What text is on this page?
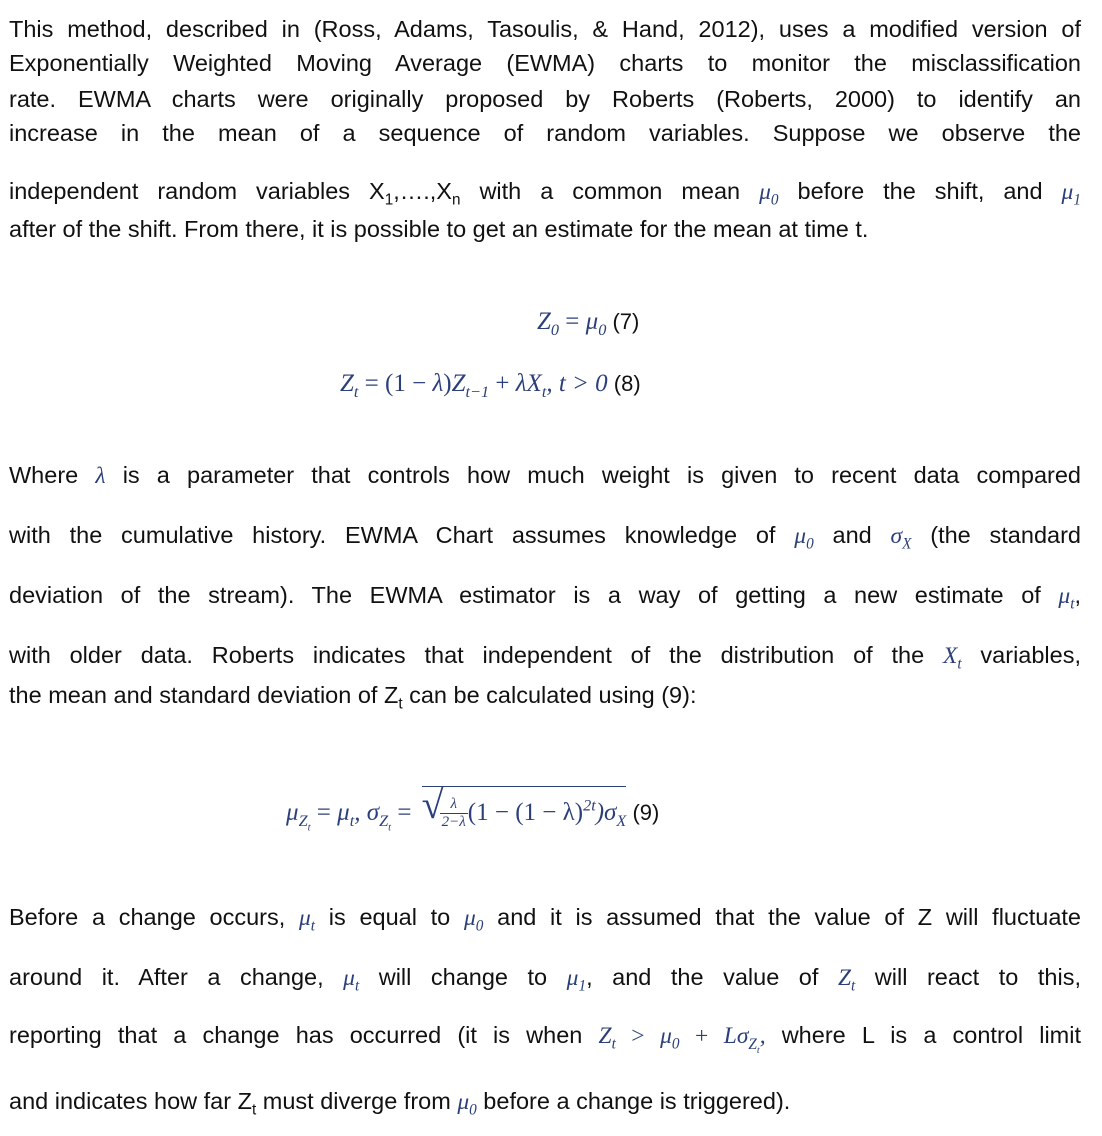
This method, described in (Ross, Adams, Tasoulis, & Hand, 2012), uses a modified version of
Exponentially Weighted Moving Average (EWMA) charts to monitor the misclassification
rate. EWMA charts were originally proposed by Roberts (Roberts, 2000) to identify an
increase in the mean of a sequence of random variables. Suppose we observe the
independent random variables $X_1,\dots.,X_n$ with a common mean $\mu_0$ before the shift, and $\mu_1$
after of the shift. From there, it is possible to get an estimate for the mean at time t.
$Z_0 = \mu_0$ (7)
$Z_t = (1 - \lambda)Z_{t-1} + \lambda X_t$, t > 0 (8)
Where λ is a parameter that controls how much weight is given to recent data compared
with the cumulative history. EWMA Chart assumes knowledge of $\mu_0$ and $\sigma_X$ (the standard
deviation of the stream). The EWMA estimator is a way of getting a new estimate of $\mu_t$,
with older data. Roberts indicates that independent of the distribution of the $X_t$ variables,
the mean and standard deviation of $Z_t$ can be calculated using (9):
$\mu_{Z_t} = \mu_t$, $\sigma_{Z_t}$ = √
$\frac{\lambda}{2-\lambda} (1 - (1 - \lambda)^{2t})\sigma_X$ (9)
Before a change occurs, $\mu_t$ is equal to $\mu_0$ and it is assumed that the value of Z will fluctuate
around it. After a change, $\mu_t$ will change to $\mu_1$, and the value of $Z_t$ will react to this,
reporting that a change has occurred (it is when $Z_t > \mu_0 + L\sigma_{Z_t}$, where L is a control limit
and indicates how far $Z_t$ must diverge from $\mu_0$ before a change is triggered).
